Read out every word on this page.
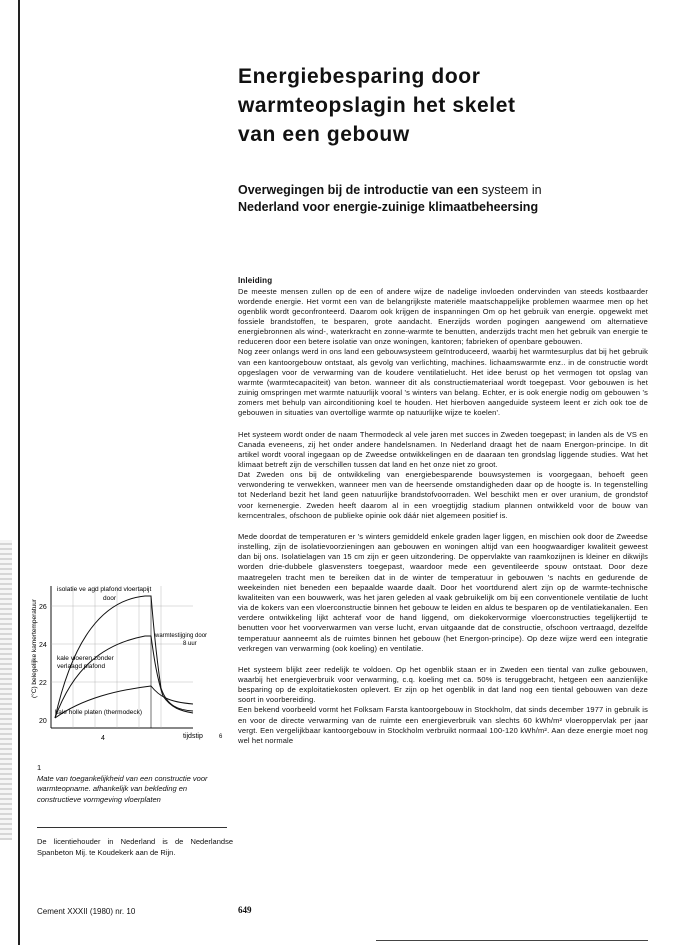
Energiebesparing door
warmteopslagin het skelet
van een gebouw

Overwegingen bij de introductie van een systeem in
Nederland voor energie-zuinige klimaatbeheersing

Inleiding

De meeste mensen zullen op de een of andere wijze de nadelige invloeden ondervinden van steeds kostbaarder wordende energie. Het vormt een van de belangrijkste materiële maatschappelijke problemen waarmee men op het ogenblik wordt geconfronteerd. Daarom ook krijgen de inspanningen Om op het gebruik van energie. opgewekt met fossiele brandstoffen, te besparen, grote aandacht. Enerzijds worden pogingen aangewend om alternatieve energiebronnen als wind-, waterkracht en zonne-warmte te benutten, anderzijds tracht men het gebruik van energie te reduceren door een betere isolatie van onze woningen, kantoren; fabrieken of openbare gebouwen.

Nog zeer onlangs werd in ons land een gebouwsysteem geïntroduceerd, waarbij het warmtesurplus dat bij het gebruik van een kantoorgebouw ontstaat, als gevolg van verlichting, machines. lichaamswarmte enz.. in de constructie wordt opgeslagen voor de verwarming van de koudere ventilatielucht. Het idee berust op het vermogen tot opslag van warmte (warmtecapaciteit) van beton. wanneer dit als constructiemateriaal wordt toegepast. Voor gebouwen is het zuinig omspringen met warmte natuurlijk vooral 's winters van belang. Echter, er is ook energie nodig om gebouwen 's zomers met behulp van airconditioning koel te houden. Het hierboven aangeduide systeem leent er zich ook toe de gebouwen in situaties van overtollige warmte op natuurlijke wijze te koelen'.

Het systeem wordt onder de naam Thermodeck al vele jaren met succes in Zweden toegepast; in landen als de VS en Canada eveneens, zij het onder andere handelsnamen. In Nederland draagt het de naam Energon-principe. In dit artikel wordt vooral ingegaan op de Zweedse ontwikkelingen en de daaraan ten grondslag liggende studies. Wat het klimaat betreft zijn de verschillen tussen dat land en het onze niet zo groot.

Dat Zweden ons bij de ontwikkeling van energiebesparende bouwsystemen is voorgegaan, behoeft geen verwondering te verwekken, wanneer men van de heersende omstandigheden daar op de hoogte is. In tegenstelling tot Nederland bezit het land geen natuurlijke brandstofvoorraden. Wel beschikt men er over uranium, de grondstof voor kernenergie. Zweden heeft daarom al in een vroegtijdig stadium plannen ontwikkeld voor de bouw van kerncentrales, ofschoon de publieke opinie ook dáár niet algemeen positief is.

Mede doordat de temperaturen er 's winters gemiddeld enkele graden lager liggen, en mischien ook door de Zweedse instelling, zijn de isolatievoorzieningen aan gebouwen en woningen altijd van een hoogwaardiger kwaliteit geweest dan bij ons. Isolatielagen van 15 cm zijn er geen uitzondering. De oppervlakte van raamkozijnen is kleiner en dikwijls worden drie-dubbele glasvensters toegepast, waardoor mede een geventileerde spouw ontstaat. Door deze maatregelen tracht men te bereiken dat in de winter de temperatuur in gebouwen 's nachts en gedurende de weekeinden niet beneden een bepaalde waarde daalt. Door het voortdurend alert zijn op de warmte-technische kwaliteiten van een bouwwerk, was het jaren geleden al vaak gebruikelijk om bij een conventionele ventilatie de lucht via de kokers van een vloerconstructie binnen het gebouw te leiden en aldus te besparen op de ventilatiekanalen. Een verdere ontwikkeling lijkt achteraf voor de hand liggend, om diekokervormige vloerconstructies tegelijkertijd te benutten voor het voorverwarmen van verse lucht, ervan uitgaande dat de constructie, ofschoon vertraagd, dezelfde temperatuur aanneemt als de ruimtes binnen het gebouw (het Energon-principe). Op deze wijze werd een integratie verkregen van verwarming (ook koeling) en ventilatie.

Het systeem blijkt zeer redelijk te voldoen. Op het ogenblik staan er in Zweden een tiental van zulke gebouwen, waarbij het energieverbruik voor verwarming, c.q. koeling met ca. 50% is teruggebracht, hetgeen een aanzienlijke besparing op de exploitatiekosten oplevert. Er zijn op het ogenblik in dat land nog een tiental gebouwen van deze soort in voorbereiding.

Een bekend voorbeeld vormt het Folksam Farsta kantoorgebouw in Stockholm, dat sinds december 1977 in gebruik is en voor de directe verwarming van de ruimte een energieverbruik van slechts 60 kWh/m² vloeroppervlak per jaar vergt. Een vergelijkbaar kantoorgebouw in Stockholm verbruikt normaal 100-120 kWh/m². Aan deze energie moet nog wel het normale

26
24
22
20
(°C) belegelijke kamertemperatuur
isolatie ve agd plafond vloertapijt
door
warmtestijging door
8 uur
kale vloeren zonder
verlaagd plafond
kale holle platen (thermodeck)
4	tijdstip	6
1
Mate van toegankelijkheid van een constructie voor warmteopname. afhankelijk van bekleding en constructieve vormgeving vloerplaten
De licentiehouder in Nederland is de Nederlandse Spanbeton Mij. te Koudekerk aan de Rijn.
Cement XXXII (1980) nr. 10	649
